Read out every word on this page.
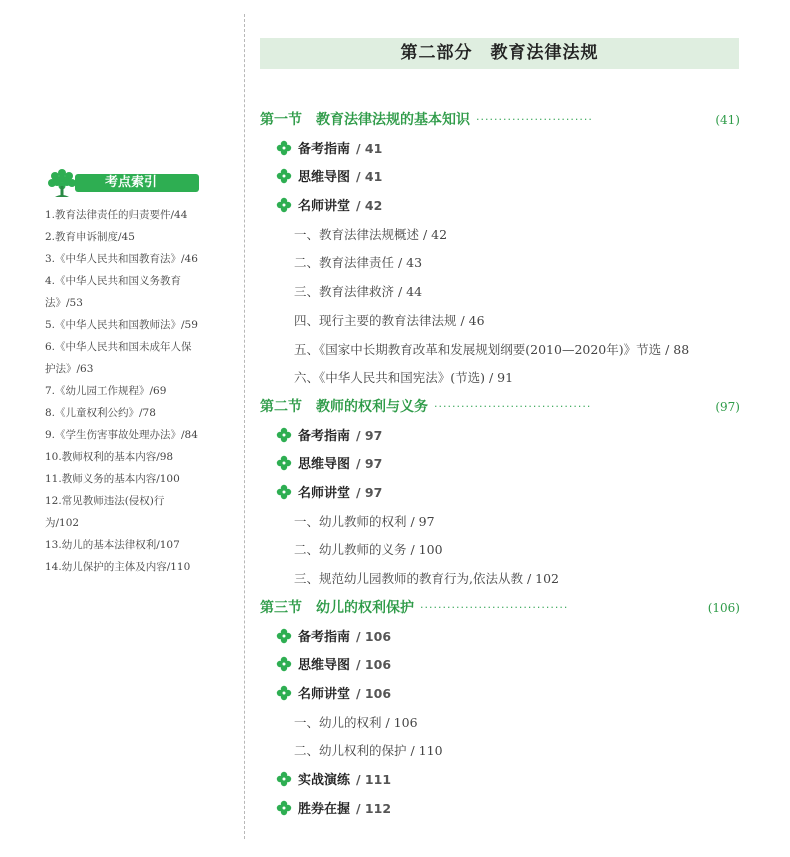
考点索引
1.教育法律责任的归责要件/44
2.教育申诉制度/45
3.《中华人民共和国教育法》/46
4.《中华人民共和国义务教育
法》/53
5.《中华人民共和国教师法》/59
6.《中华人民共和国未成年人保
护法》/63
7.《幼儿园工作规程》/69
8.《儿童权利公约》/78
9.《学生伤害事故处理办法》/84
10.教师权利的基本内容/98
11.教师义务的基本内容/100
12.常见教师违法(侵权)行
为/102
13.幼儿的基本法律权利/107
14.幼儿保护的主体及内容/110
第二部分　教育法律法规
第一节　教育法律法规的基本知识 ··························	(41)
备考指南 / 41
思维导图 / 41
名师讲堂 / 42
一、教育法律法规概述 / 42
二、教育法律责任 / 43
三、教育法律救济 / 44
四、现行主要的教育法律法规 / 46
五、《国家中长期教育改革和发展规划纲要(2010—2020年)》节选 / 88
六、《中华人民共和国宪法》(节选) / 91
第二节　教师的权利与义务 ···································	(97)
备考指南 / 97
思维导图 / 97
名师讲堂 / 97
一、幼儿教师的权利 / 97
二、幼儿教师的义务 / 100
三、规范幼儿园教师的教育行为,依法从教 / 102
第三节　幼儿的权利保护 ·································	(106)
备考指南 / 106
思维导图 / 106
名师讲堂 / 106
一、幼儿的权利 / 106
二、幼儿权利的保护 / 110
实战演练 / 111
胜券在握 / 112
